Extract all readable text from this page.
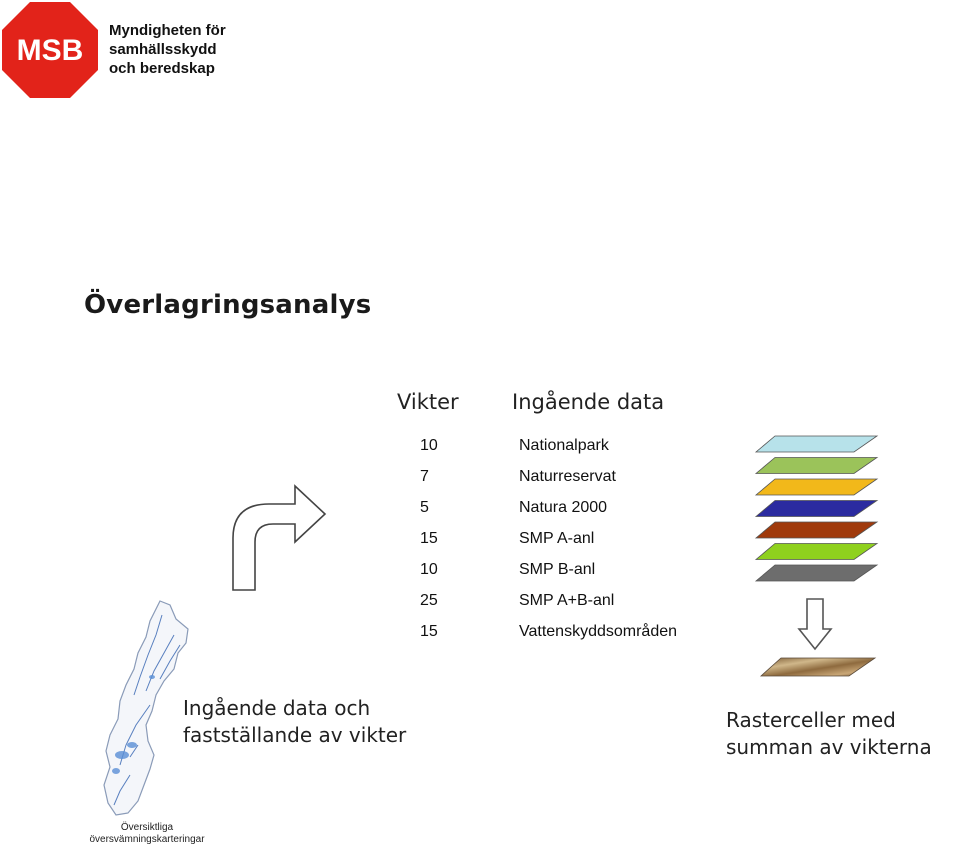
MSB
Myndigheten för
samhällsskydd
och beredskap
Överlagringsanalys
Vikter	Ingående data
10	Nationalpark
7	Naturreservat
5	Natura 2000
15	SMP A-anl
10	SMP B-anl
25	SMP A+B-anl
15	Vattenskyddsområden
Översiktliga
översvämningskarteringar
Ingående data och
fastställande av vikter
Rasterceller med
summan av vikterna
